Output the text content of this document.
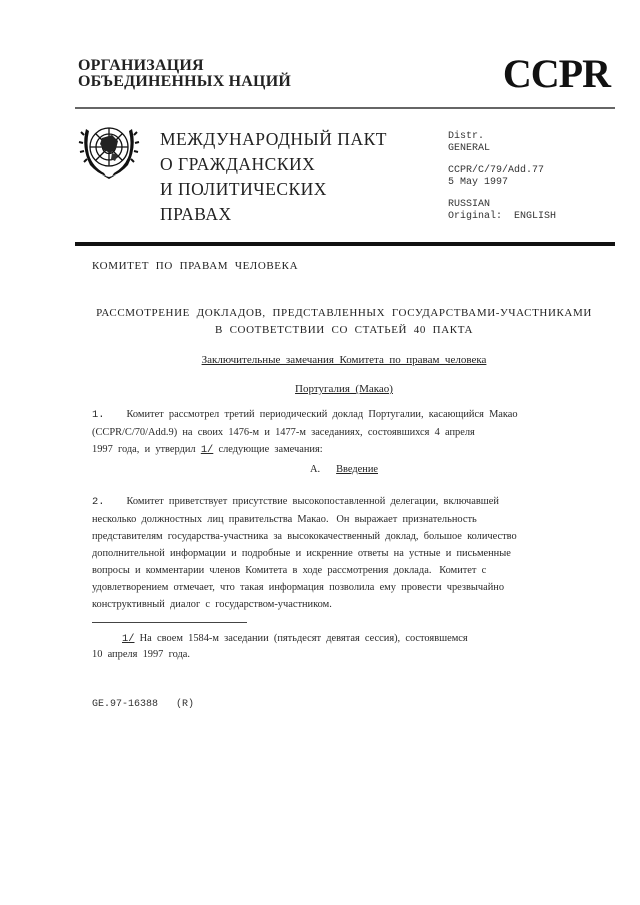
ОРГАНИЗАЦИЯ
ОБЪЕДИНЕННЫХ НАЦИЙ	CCPR
МЕЖДУНАРОДНЫЙ ПАКТ
О ГРАЖДАНСКИХ
И ПОЛИТИЧЕСКИХ
ПРАВАХ
Distr.
GENERAL
CCPR/C/79/Add.77
5 May 1997
RUSSIAN
Original:  ENGLISH
КОМИТЕТ  ПО  ПРАВАМ  ЧЕЛОВЕКА
РАССМОТРЕНИЕ  ДОКЛАДОВ,  ПРЕДСТАВЛЕННЫХ  ГОСУДАРСТВАМИ-УЧАСТНИКАМИ
В  СООТВЕТСТВИИ  СО  СТАТЬЕЙ  40  ПАКТА
Заключительные  замечания  Комитета  по  правам  человека
Португалия  (Макао)
1. Комитет  рассмотрел  третий  периодический  доклад  Португалии,  касающийся  Макао
(CCPR/C/70/Add.9)  на  своих  1476-м  и  1477-м  заседаниях,  состоявшихся  4  апреля
1997  года,  и  утвердил  1/  следующие  замечания:
A. Введение
2. Комитет  приветствует  присутствие  высокопоставленной  делегации,  включавшей
несколько  должностных  лиц  правительства  Макао.   Он  выражает  признательность
представителям  государства-участника  за  высококачественный  доклад,  большое  количество
дополнительной  информации  и  подробные  и  искренние  ответы  на  устные  и  письменные
вопросы  и  комментарии  членов  Комитета  в  ходе  рассмотрения  доклада.   Комитет  с
удовлетворением  отмечает,  что  такая  информация  позволила  ему  провести  чрезвычайно
конструктивный  диалог  с  государством-участником.
1/  На  своем  1584-м  заседании  (пятьдесят  девятая  сессия),  состоявшемся
10  апреля  1997  года.
GE.97-16388   (R)
